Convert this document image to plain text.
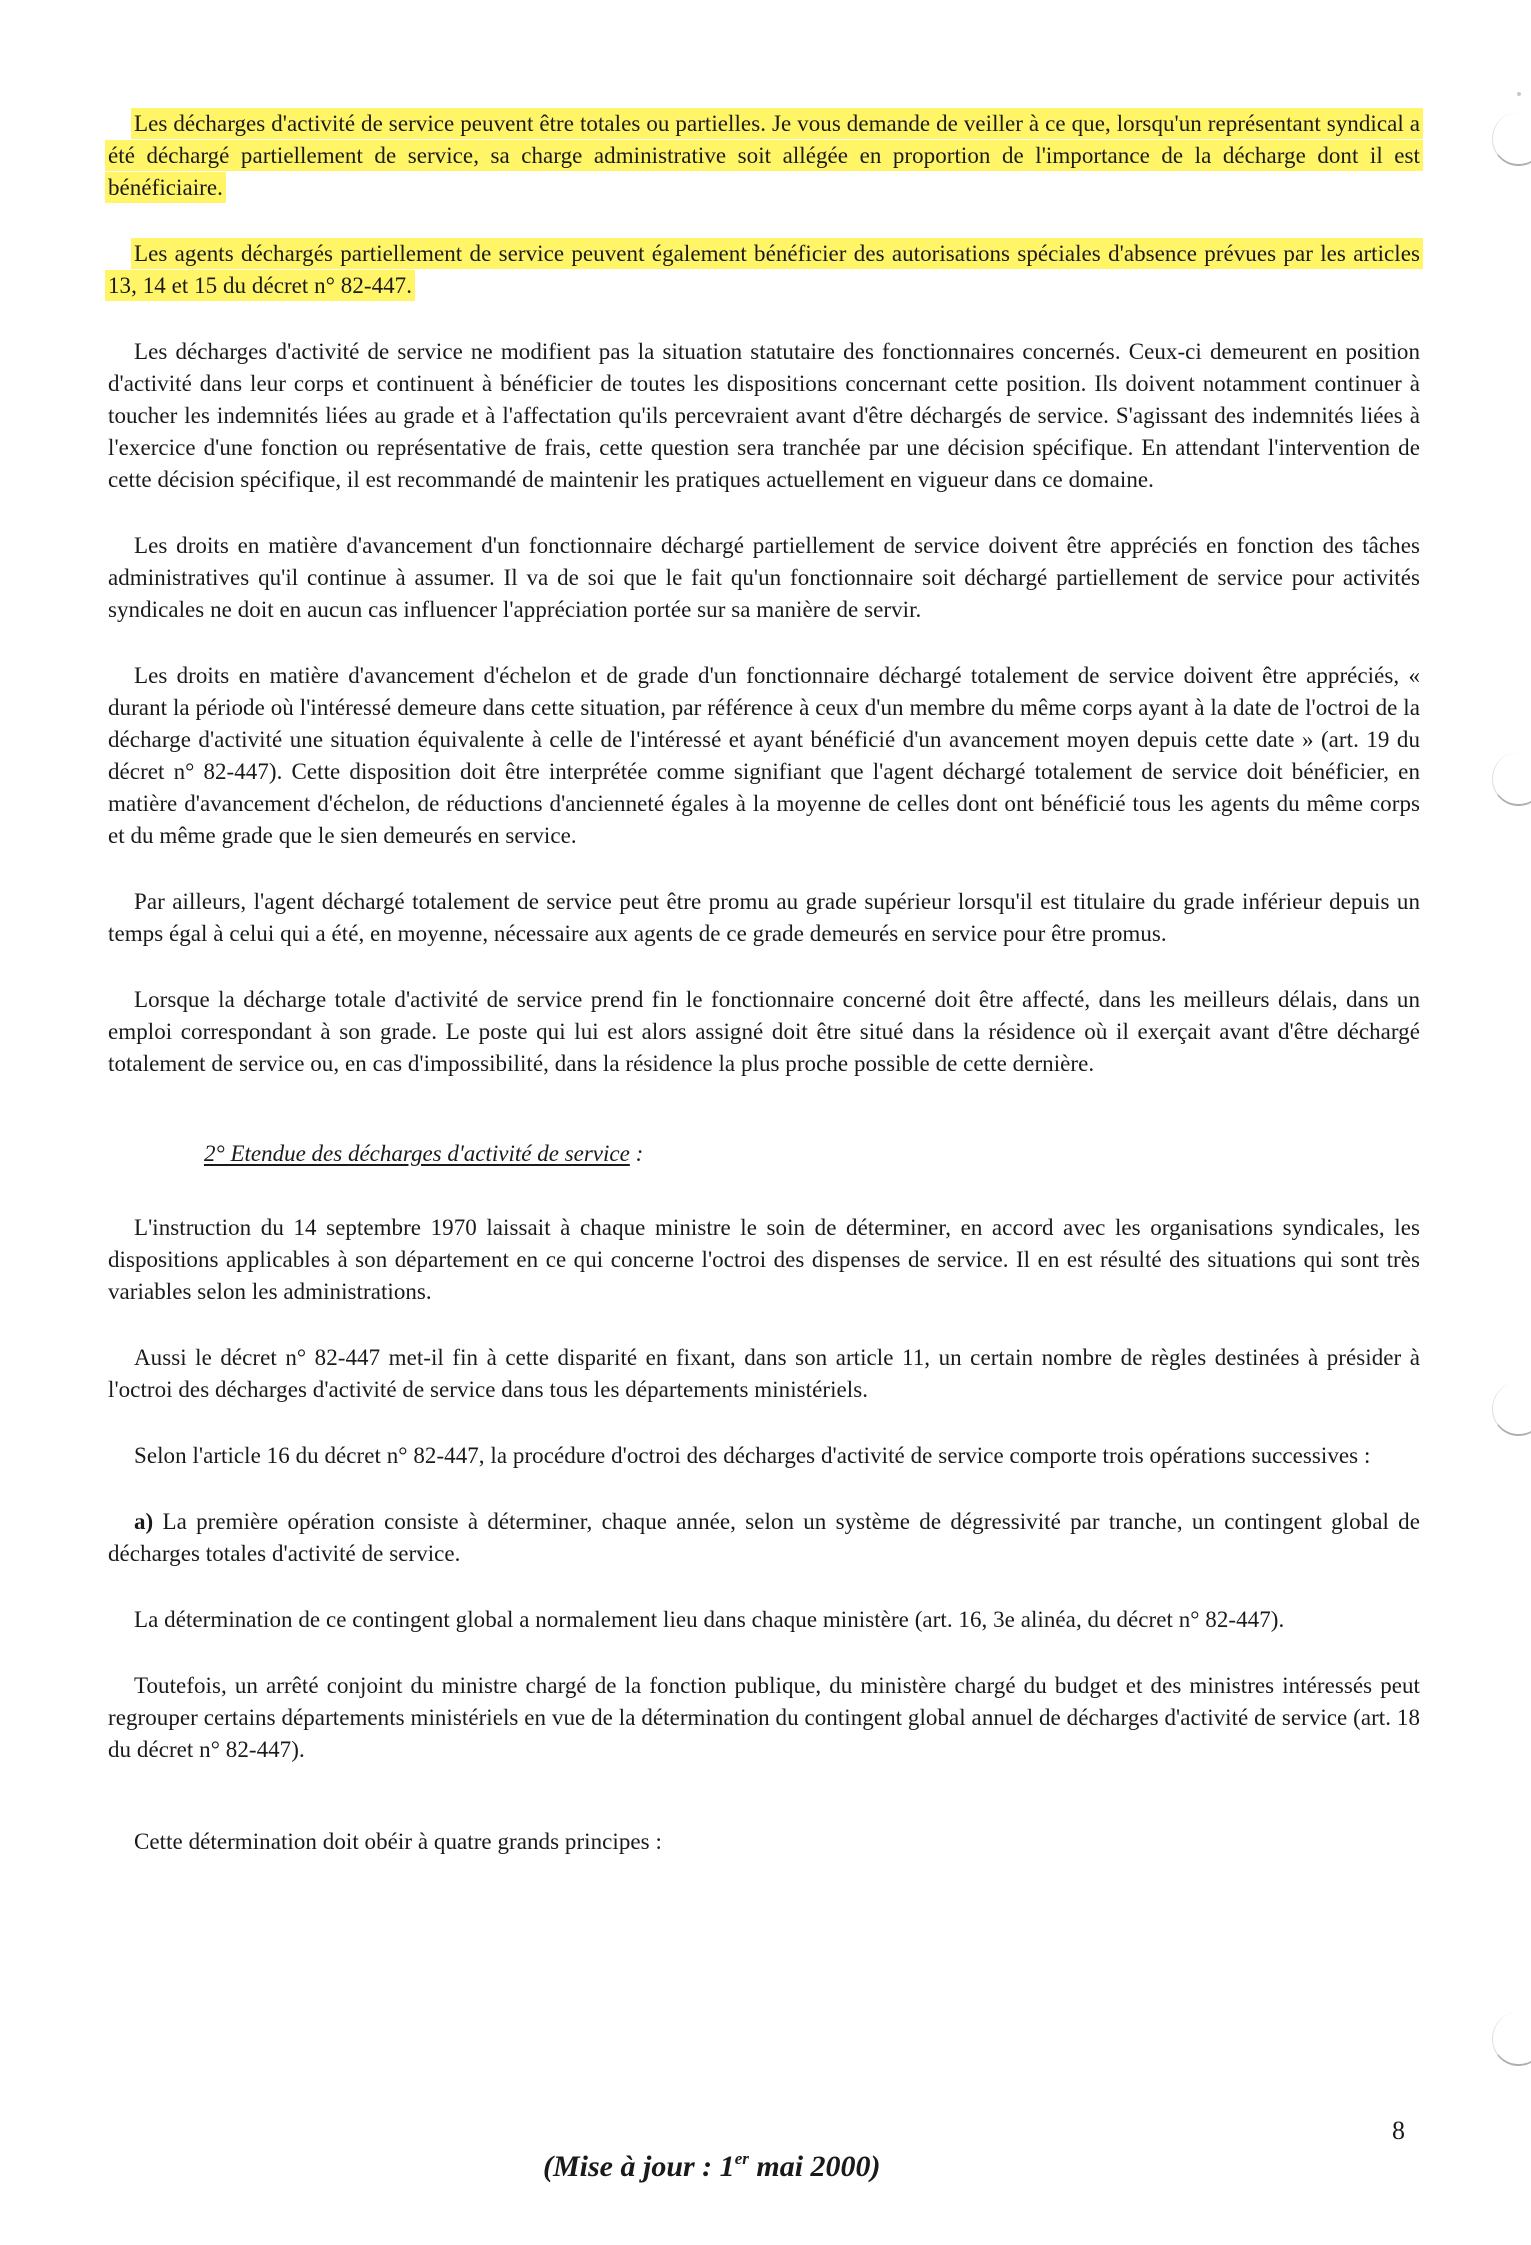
Les décharges d'activité de service peuvent être totales ou partielles. Je vous demande de veiller à ce que, lorsqu'un représentant syndical a été déchargé partiellement de service, sa charge administrative soit allégée en proportion de l'importance de la décharge dont il est bénéficiaire.

Les agents déchargés partiellement de service peuvent également bénéficier des autorisations spéciales d'absence prévues par les articles 13, 14 et 15 du décret n° 82-447.

Les décharges d'activité de service ne modifient pas la situation statutaire des fonctionnaires concernés. Ceux-ci demeurent en position d'activité dans leur corps et continuent à bénéficier de toutes les dispositions concernant cette position. Ils doivent notamment continuer à toucher les indemnités liées au grade et à l'affectation qu'ils percevraient avant d'être déchargés de service. S'agissant des indemnités liées à l'exercice d'une fonction ou représentative de frais, cette question sera tranchée par une décision spécifique. En attendant l'intervention de cette décision spécifique, il est recommandé de maintenir les pratiques actuellement en vigueur dans ce domaine.

Les droits en matière d'avancement d'un fonctionnaire déchargé partiellement de service doivent être appréciés en fonction des tâches administratives qu'il continue à assumer. Il va de soi que le fait qu'un fonctionnaire soit déchargé partiellement de service pour activités syndicales ne doit en aucun cas influencer l'appréciation portée sur sa manière de servir.

Les droits en matière d'avancement d'échelon et de grade d'un fonctionnaire déchargé totalement de service doivent être appréciés, « durant la période où l'intéressé demeure dans cette situation, par référence à ceux d'un membre du même corps ayant à la date de l'octroi de la décharge d'activité une situation équivalente à celle de l'intéressé et ayant bénéficié d'un avancement moyen depuis cette date » (art. 19 du décret n° 82-447). Cette disposition doit être interprétée comme signifiant que l'agent déchargé totalement de service doit bénéficier, en matière d'avancement d'échelon, de réductions d'ancienneté égales à la moyenne de celles dont ont bénéficié tous les agents du même corps et du même grade que le sien demeurés en service.

Par ailleurs, l'agent déchargé totalement de service peut être promu au grade supérieur lorsqu'il est titulaire du grade inférieur depuis un temps égal à celui qui a été, en moyenne, nécessaire aux agents de ce grade demeurés en service pour être promus.

Lorsque la décharge totale d'activité de service prend fin le fonctionnaire concerné doit être affecté, dans les meilleurs délais, dans un emploi correspondant à son grade. Le poste qui lui est alors assigné doit être situé dans la résidence où il exerçait avant d'être déchargé totalement de service ou, en cas d'impossibilité, dans la résidence la plus proche possible de cette dernière.

2° Etendue des décharges d'activité de service :

L'instruction du 14 septembre 1970 laissait à chaque ministre le soin de déterminer, en accord avec les organisations syndicales, les dispositions applicables à son département en ce qui concerne l'octroi des dispenses de service. Il en est résulté des situations qui sont très variables selon les administrations.

Aussi le décret n° 82-447 met-il fin à cette disparité en fixant, dans son article 11, un certain nombre de règles destinées à présider à l'octroi des décharges d'activité de service dans tous les départements ministériels.

Selon l'article 16 du décret n° 82-447, la procédure d'octroi des décharges d'activité de service comporte trois opérations successives :

a) La première opération consiste à déterminer, chaque année, selon un système de dégressivité par tranche, un contingent global de décharges totales d'activité de service.

La détermination de ce contingent global a normalement lieu dans chaque ministère (art. 16, 3e alinéa, du décret n° 82-447).

Toutefois, un arrêté conjoint du ministre chargé de la fonction publique, du ministère chargé du budget et des ministres intéressés peut regrouper certains départements ministériels en vue de la détermination du contingent global annuel de décharges d'activité de service (art. 18 du décret n° 82-447).

Cette détermination doit obéir à quatre grands principes :

8
(Mise à jour : 1er mai 2000)
